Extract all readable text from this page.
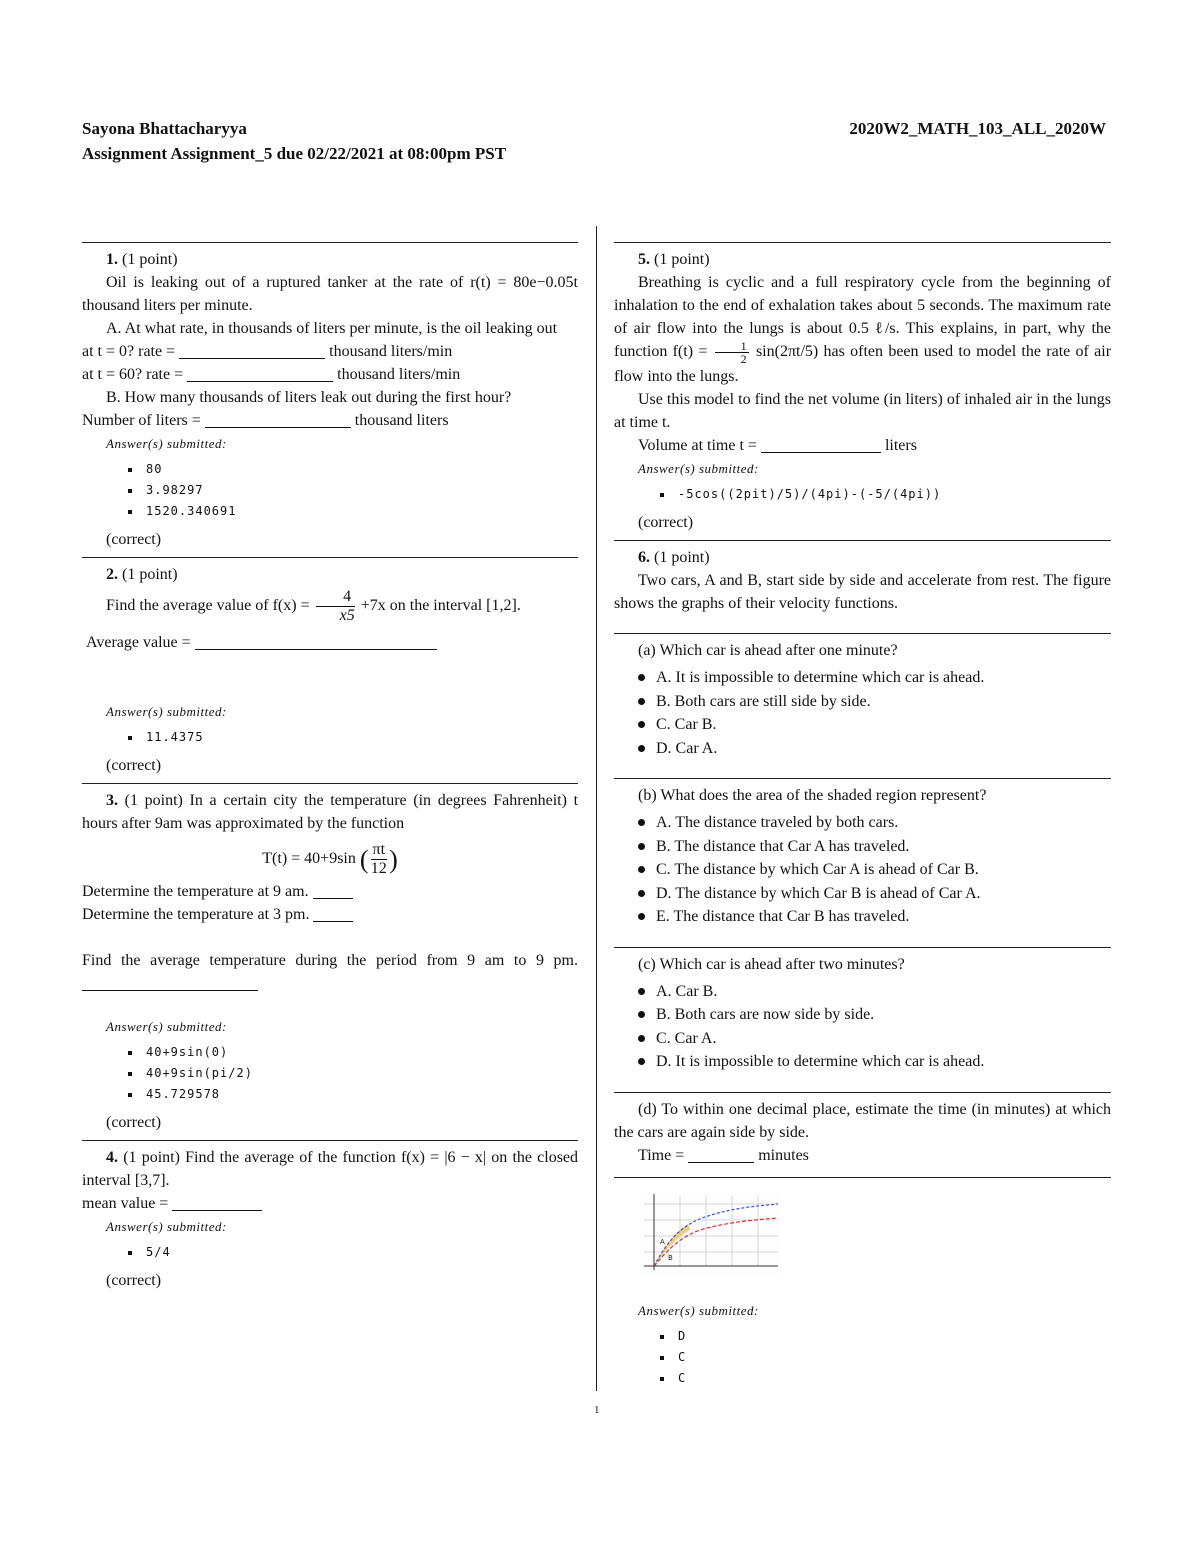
Sayona Bhattacharyya
Assignment Assignment_5 due 02/22/2021 at 08:00pm PST
2020W2_MATH_103_ALL_2020W

1. (1 point)

Oil is leaking out of a ruptured tanker at the rate of r(t) = 80e−0.05t thousand liters per minute.

A. At what rate, in thousands of liters per minute, is the oil leaking out

at t = 0? rate =	thousand liters/min

at t = 60? rate =	thousand liters/min

B. How many thousands of liters leak out during the first hour?

Number of liters =	thousand liters

Answer(s) submitted:

80
3.98297
1520.340691

(correct)

2. (1 point)

Find the average value of $f(x) = \frac{4}{x5} +7x$ on the interval [1,2].

Average value =

Answer(s) submitted:

11.4375

(correct)

3. (1 point) In a certain city the temperature (in degrees Fahrenheit) t hours after 9am was approximated by the function

T(t) = 40+9sin ( $\frac{\pi t}{12}$ )

Determine the temperature at 9 am.

Determine the temperature at 3 pm.

Find the average temperature during the period from 9 am to 9 pm.

Answer(s) submitted:

40+9sin(0)
40+9sin(pi/2)
45.729578

(correct)

4. (1 point) Find the average of the function f(x) = |6 − x| on the closed interval [3,7].

mean value =

Answer(s) submitted:

5/4

(correct)

5. (1 point)

Breathing is cyclic and a full respiratory cycle from the beginning of inhalation to the end of exhalation takes about 5 seconds. The maximum rate of air flow into the lungs is about 0.5 ℓ/s. This explains, in part, why the function $f(t) = \frac{1}{2} \sin(2\pi t/5)$ has often been used to model the rate of air flow into the lungs.

Use this model to find the net volume (in liters) of inhaled air in the lungs at time t.

Volume at time t =	liters

Answer(s) submitted:

-5cos((2pit)/5)/(4pi)-(-5/(4pi))

(correct)

6. (1 point)

Two cars, A and B, start side by side and accelerate from rest. The figure shows the graphs of their velocity functions.

(a) Which car is ahead after one minute?

A. It is impossible to determine which car is ahead.
B. Both cars are still side by side.
C. Car B.
D. Car A.

(b) What does the area of the shaded region represent?

A. The distance traveled by both cars.
B. The distance that Car A has traveled.
C. The distance by which Car A is ahead of Car B.
D. The distance by which Car B is ahead of Car A.
E. The distance that Car B has traveled.

(c) Which car is ahead after two minutes?

A. Car B.
B. Both cars are now side by side.
C. Car A.
D. It is impossible to determine which car is ahead.

(d) To within one decimal place, estimate the time (in minutes) at which the cars are again side by side.

Time =	minutes

A
B

Answer(s) submitted:

D
C
C
1
